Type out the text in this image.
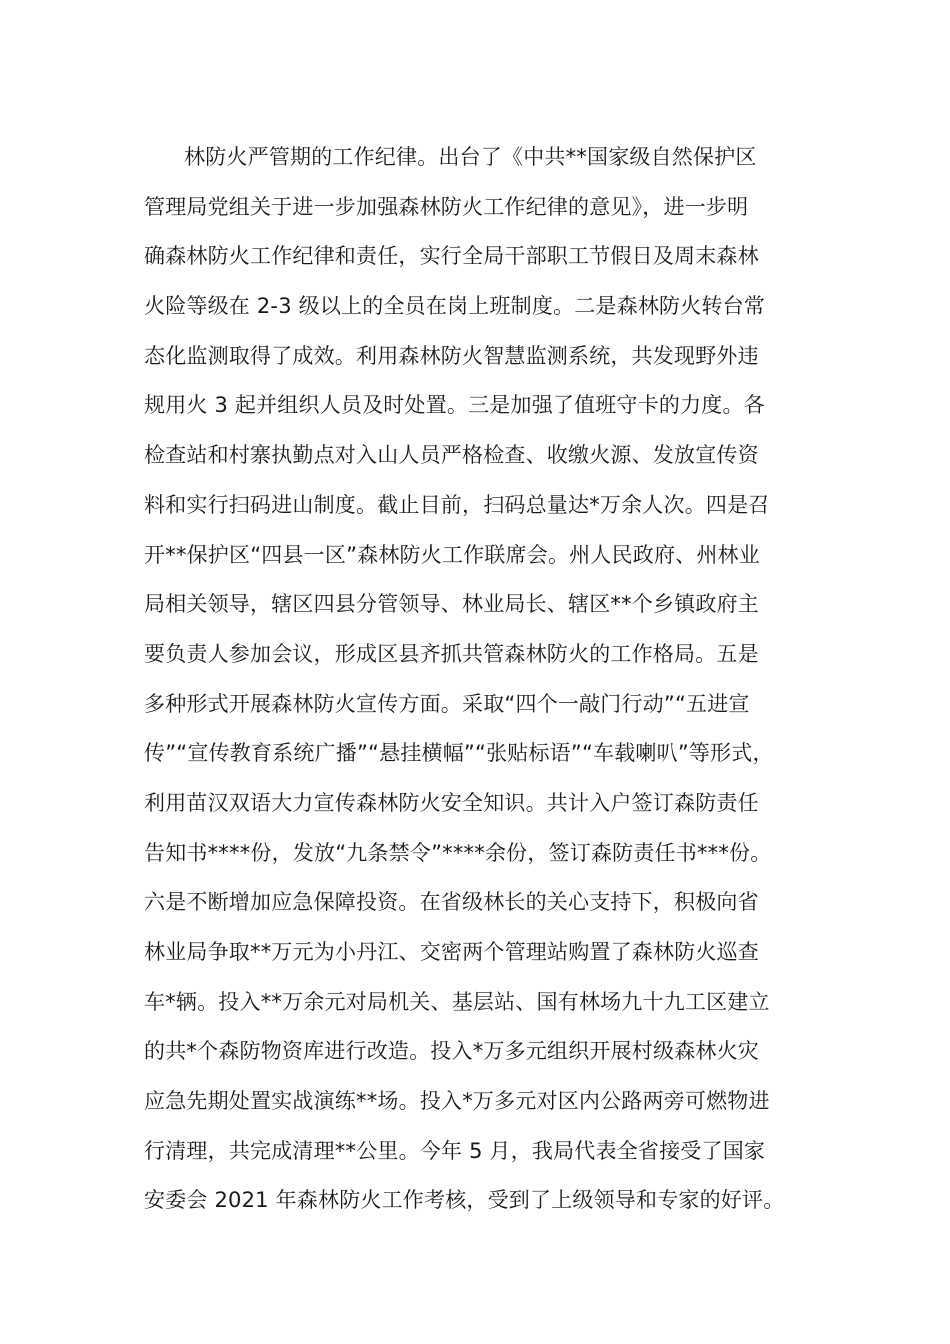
林防火严管期的工作纪律。出台了《中共**国家级自然保护区
管理局党组关于进一步加强森林防火工作纪律的意见》，进一步明
确森林防火工作纪律和责任，实行全局干部职工节假日及周末森林
火险等级在 2-3 级以上的全员在岗上班制度。二是森林防火转台常
态化监测取得了成效。利用森林防火智慧监测系统，共发现野外违
规用火 3 起并组织人员及时处置。三是加强了值班守卡的力度。各
检查站和村寨执勤点对入山人员严格检查、收缴火源、发放宣传资
料和实行扫码进山制度。截止目前，扫码总量达*万余人次。四是召
开**保护区“四县一区”森林防火工作联席会。州人民政府、州林业
局相关领导，辖区四县分管领导、林业局长、辖区**个乡镇政府主
要负责人参加会议，形成区县齐抓共管森林防火的工作格局。五是
多种形式开展森林防火宣传方面。采取“四个一敲门行动”“五进宣
传”“宣传教育系统广播”“悬挂横幅”“张贴标语”“车载喇叭”等形式，
利用苗汉双语大力宣传森林防火安全知识。共计入户签订森防责任
告知书****份，发放“九条禁令”****余份，签订森防责任书***份。
六是不断增加应急保障投资。在省级林长的关心支持下，积极向省
林业局争取**万元为小丹江、交密两个管理站购置了森林防火巡查
车*辆。投入**万余元对局机关、基层站、国有林场九十九工区建立
的共*个森防物资库进行改造。投入*万多元组织开展村级森林火灾
应急先期处置实战演练**场。投入*万多元对区内公路两旁可燃物进
行清理，共完成清理**公里。今年 5 月，我局代表全省接受了国家
安委会 2021 年森林防火工作考核，受到了上级领导和专家的好评。
